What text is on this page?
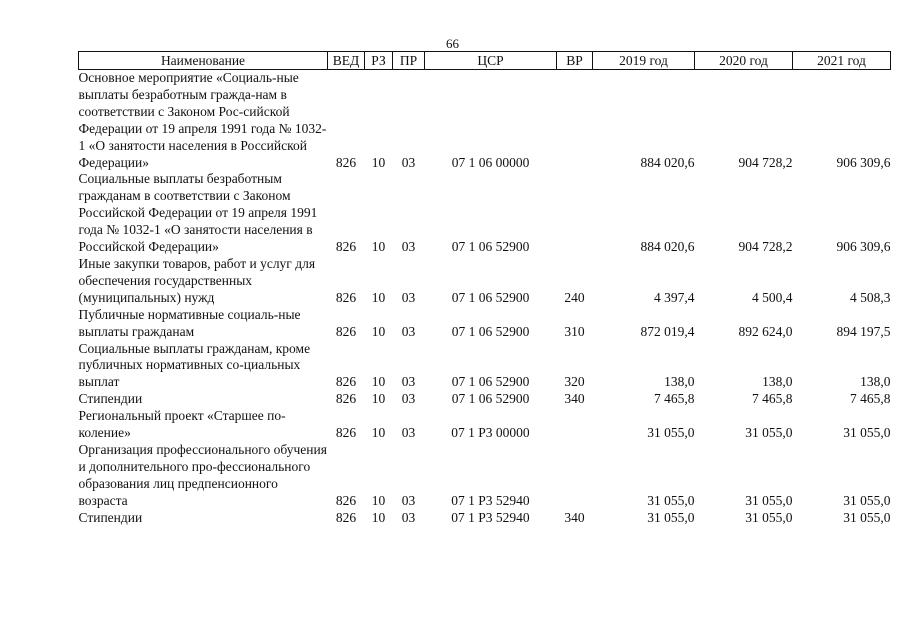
66
Наименование	ВЕД	РЗ	ПР	ЦСР	ВР	2019 год	2020 год	2021 год
Основное мероприятие «Социаль-ные выплаты безработным гражда-нам в соответствии с Законом Рос-сийской Федерации от 19 апреля 1991 года № 1032-1 «О занятости населения в Российской Федерации»	826	10	03	07 1 06 00000		884 020,6	904 728,2	906 309,6
Социальные выплаты безработным гражданам в соответствии с Законом Российской Федерации от 19 апреля 1991 года № 1032-1 «О занятости населения в Российской Федерации»	826	10	03	07 1 06 52900		884 020,6	904 728,2	906 309,6
Иные закупки товаров, работ и услуг для обеспечения государственных (муниципальных) нужд	826	10	03	07 1 06 52900	240	4 397,4	4 500,4	4 508,3
Публичные нормативные социаль-ные выплаты гражданам	826	10	03	07 1 06 52900	310	872 019,4	892 624,0	894 197,5
Социальные выплаты гражданам, кроме публичных нормативных со-циальных выплат	826	10	03	07 1 06 52900	320	138,0	138,0	138,0
Стипендии	826	10	03	07 1 06 52900	340	7 465,8	7 465,8	7 465,8
Региональный проект «Старшее по-коление»	826	10	03	07 1 P3 00000		31 055,0	31 055,0	31 055,0
Организация профессионального обучения и дополнительного про-фессионального образования лиц предпенсионного возраста	826	10	03	07 1 P3 52940		31 055,0	31 055,0	31 055,0
Стипендии	826	10	03	07 1 P3 52940	340	31 055,0	31 055,0	31 055,0
